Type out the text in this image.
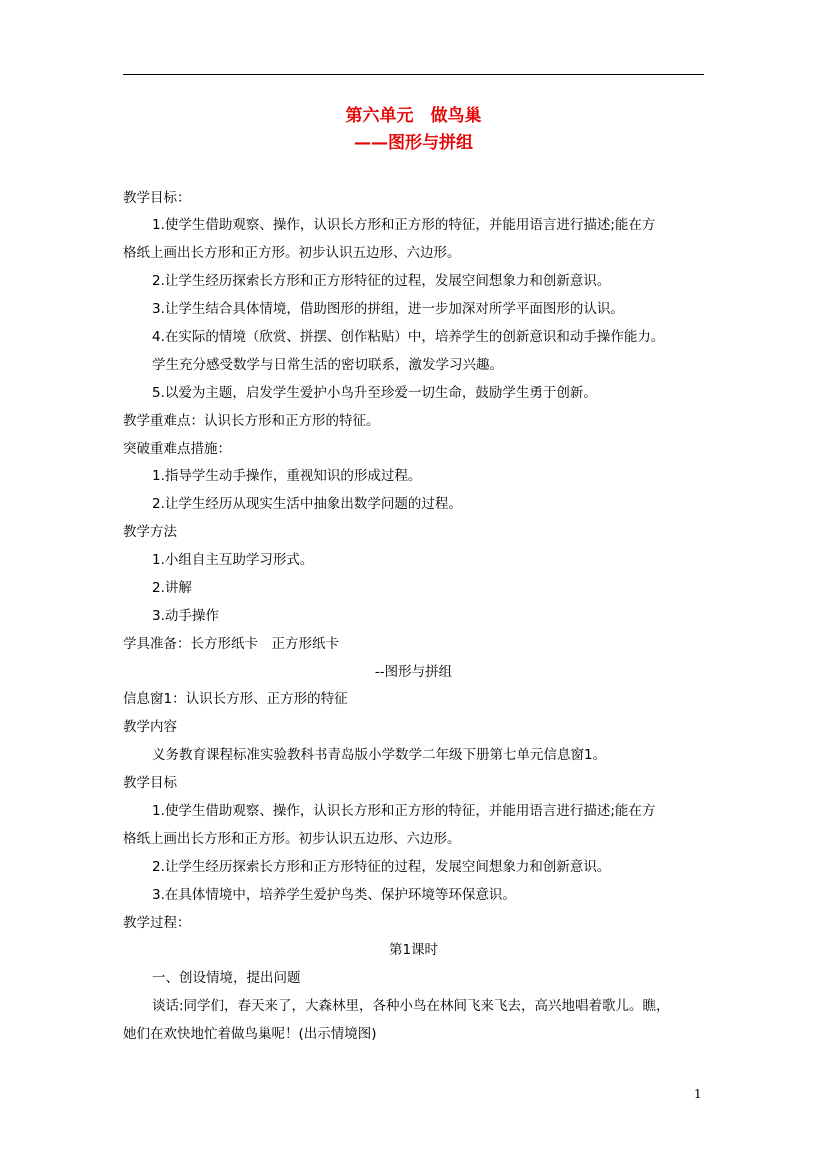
第六单元　做鸟巢
——图形与拼组
教学目标：
1.使学生借助观察、操作，认识长方形和正方形的特征，并能用语言进行描述;能在方
格纸上画出长方形和正方形。初步认识五边形、六边形。
2.让学生经历探索长方形和正方形特征的过程，发展空间想象力和创新意识。
3.让学生结合具体情境，借助图形的拼组，进一步加深对所学平面图形的认识。
4.在实际的情境（欣赏、拼摆、创作粘贴）中，培养学生的创新意识和动手操作能力。
学生充分感受数学与日常生活的密切联系，激发学习兴趣。
5.以爱为主题，启发学生爱护小鸟升至珍爱一切生命，鼓励学生勇于创新。
教学重难点：认识长方形和正方形的特征。
突破重难点措施：
1.指导学生动手操作，重视知识的形成过程。
2.让学生经历从现实生活中抽象出数学问题的过程。
教学方法
1.小组自主互助学习形式。
2.讲解
3.动手操作
学具准备：长方形纸卡　正方形纸卡
--图形与拼组
信息窗1：认识长方形、正方形的特征
教学内容
义务教育课程标准实验教科书青岛版小学数学二年级下册第七单元信息窗1。
教学目标
1.使学生借助观察、操作，认识长方形和正方形的特征，并能用语言进行描述;能在方
格纸上画出长方形和正方形。初步认识五边形、六边形。
2.让学生经历探索长方形和正方形特征的过程，发展空间想象力和创新意识。
3.在具体情境中，培养学生爱护鸟类、保护环境等环保意识。
教学过程：
第1课时
一、创设情境，提出问题
谈话:同学们，春天来了，大森林里，各种小鸟在林间飞来飞去，高兴地唱着歌儿。瞧，
她们在欢快地忙着做鸟巢呢！(出示情境图)
1
